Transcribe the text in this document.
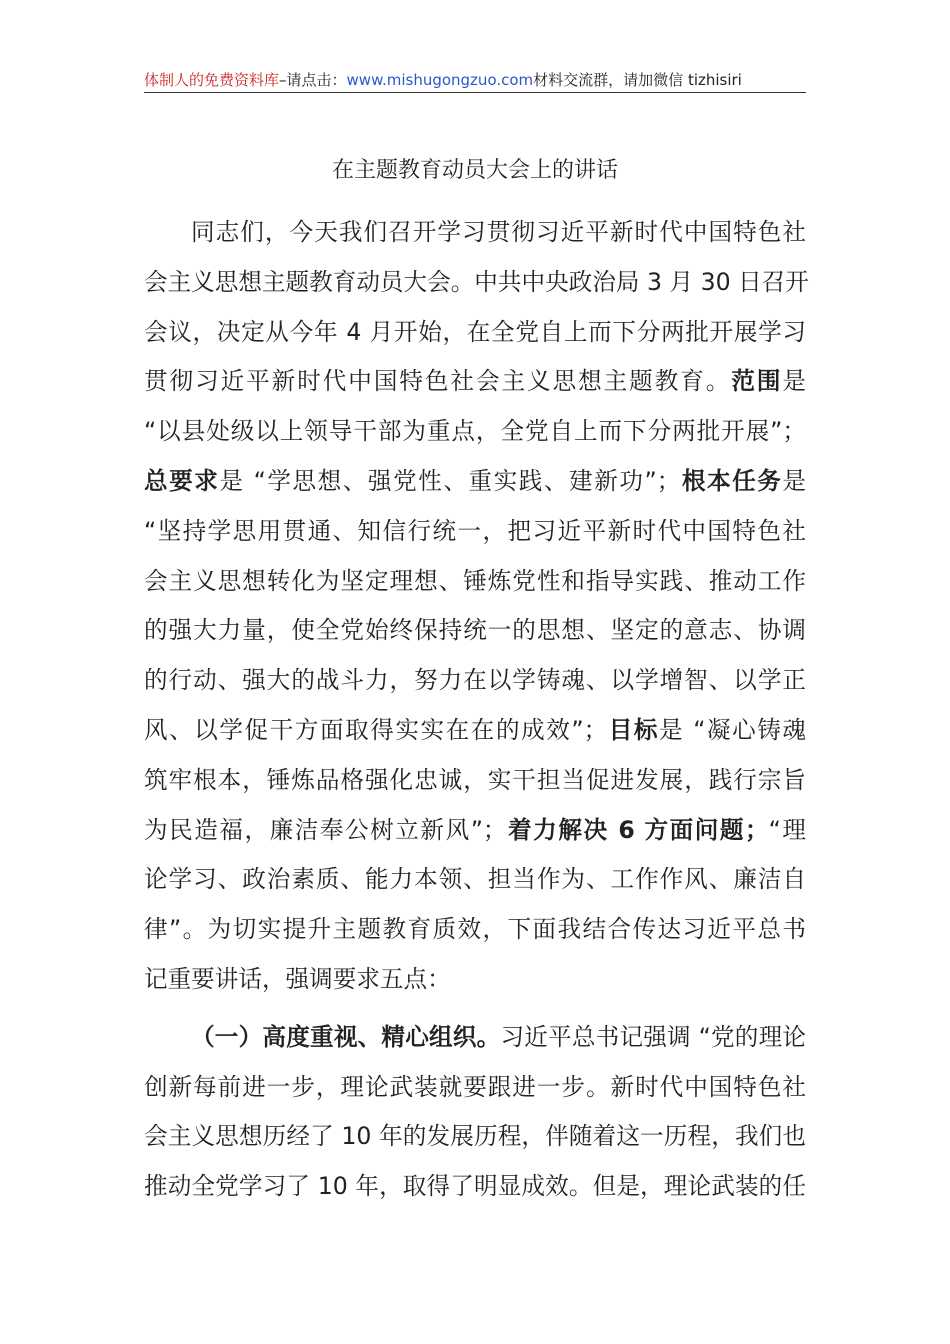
体制人的免费资料库–请点击：www.mishugongzuo.com材料交流群，请加微信 tizhisiri
在主题教育动员大会上的讲话

同志们，今天我们召开学习贯彻习近平新时代中国特色社
会主义思想主题教育动员大会。中共中央政治局 3 月 30 日召开
会议，决定从今年 4 月开始，在全党自上而下分两批开展学习
贯彻习近平新时代中国特色社会主义思想主题教育。范围是
“以县处级以上领导干部为重点，全党自上而下分两批开展”；
总要求是 “学思想、强党性、重实践、建新功”；根本任务是
“坚持学思用贯通、知信行统一，把习近平新时代中国特色社
会主义思想转化为坚定理想、锤炼党性和指导实践、推动工作
的强大力量，使全党始终保持统一的思想、坚定的意志、协调
的行动、强大的战斗力，努力在以学铸魂、以学增智、以学正
风、以学促干方面取得实实在在的成效”；目标是 “凝心铸魂
筑牢根本，锤炼品格强化忠诚，实干担当促进发展，践行宗旨
为民造福，廉洁奉公树立新风”；着力解决 6 方面问题；“理
论学习、政治素质、能力本领、担当作为、工作作风、廉洁自
律”。为切实提升主题教育质效，下面我结合传达习近平总书
记重要讲话，强调要求五点：

（一）高度重视、精心组织。习近平总书记强调 “党的理论
创新每前进一步，理论武装就要跟进一步。新时代中国特色社
会主义思想历经了 10 年的发展历程，伴随着这一历程，我们也
推动全党学习了 10 年，取得了明显成效。但是，理论武装的任
